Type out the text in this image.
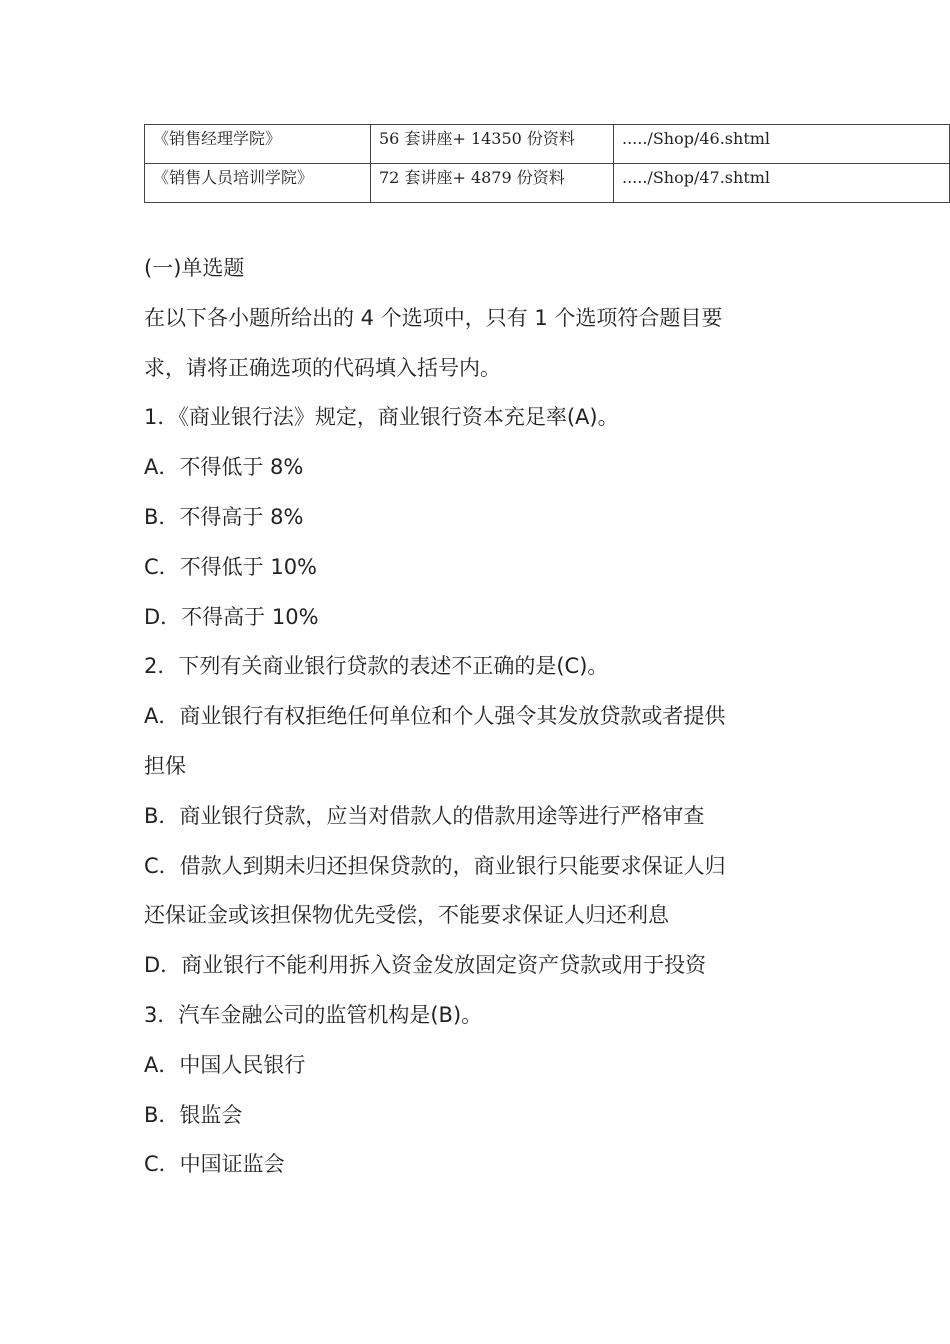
《销售经理学院》	56 套讲座+ 14350 份资料	...../Shop/46.shtml
《销售人员培训学院》	72 套讲座+ 4879 份资料	...../Shop/47.shtml

(一)单选题

在以下各小题所给出的 4 个选项中，只有 1 个选项符合题目要

求，请将正确选项的代码填入括号内。

1．《商业银行法》规定，商业银行资本充足率(A)。

A．不得低于 8%

B．不得高于 8%

C．不得低于 10%

D．不得高于 10%

2．下列有关商业银行贷款的表述不正确的是(C)。

A．商业银行有权拒绝任何单位和个人强令其发放贷款或者提供

担保

B．商业银行贷款，应当对借款人的借款用途等进行严格审查

C．借款人到期未归还担保贷款的，商业银行只能要求保证人归

还保证金或该担保物优先受偿，不能要求保证人归还利息

D．商业银行不能利用拆入资金发放固定资产贷款或用于投资

3．汽车金融公司的监管机构是(B)。

A．中国人民银行

B．银监会

C．中国证监会
